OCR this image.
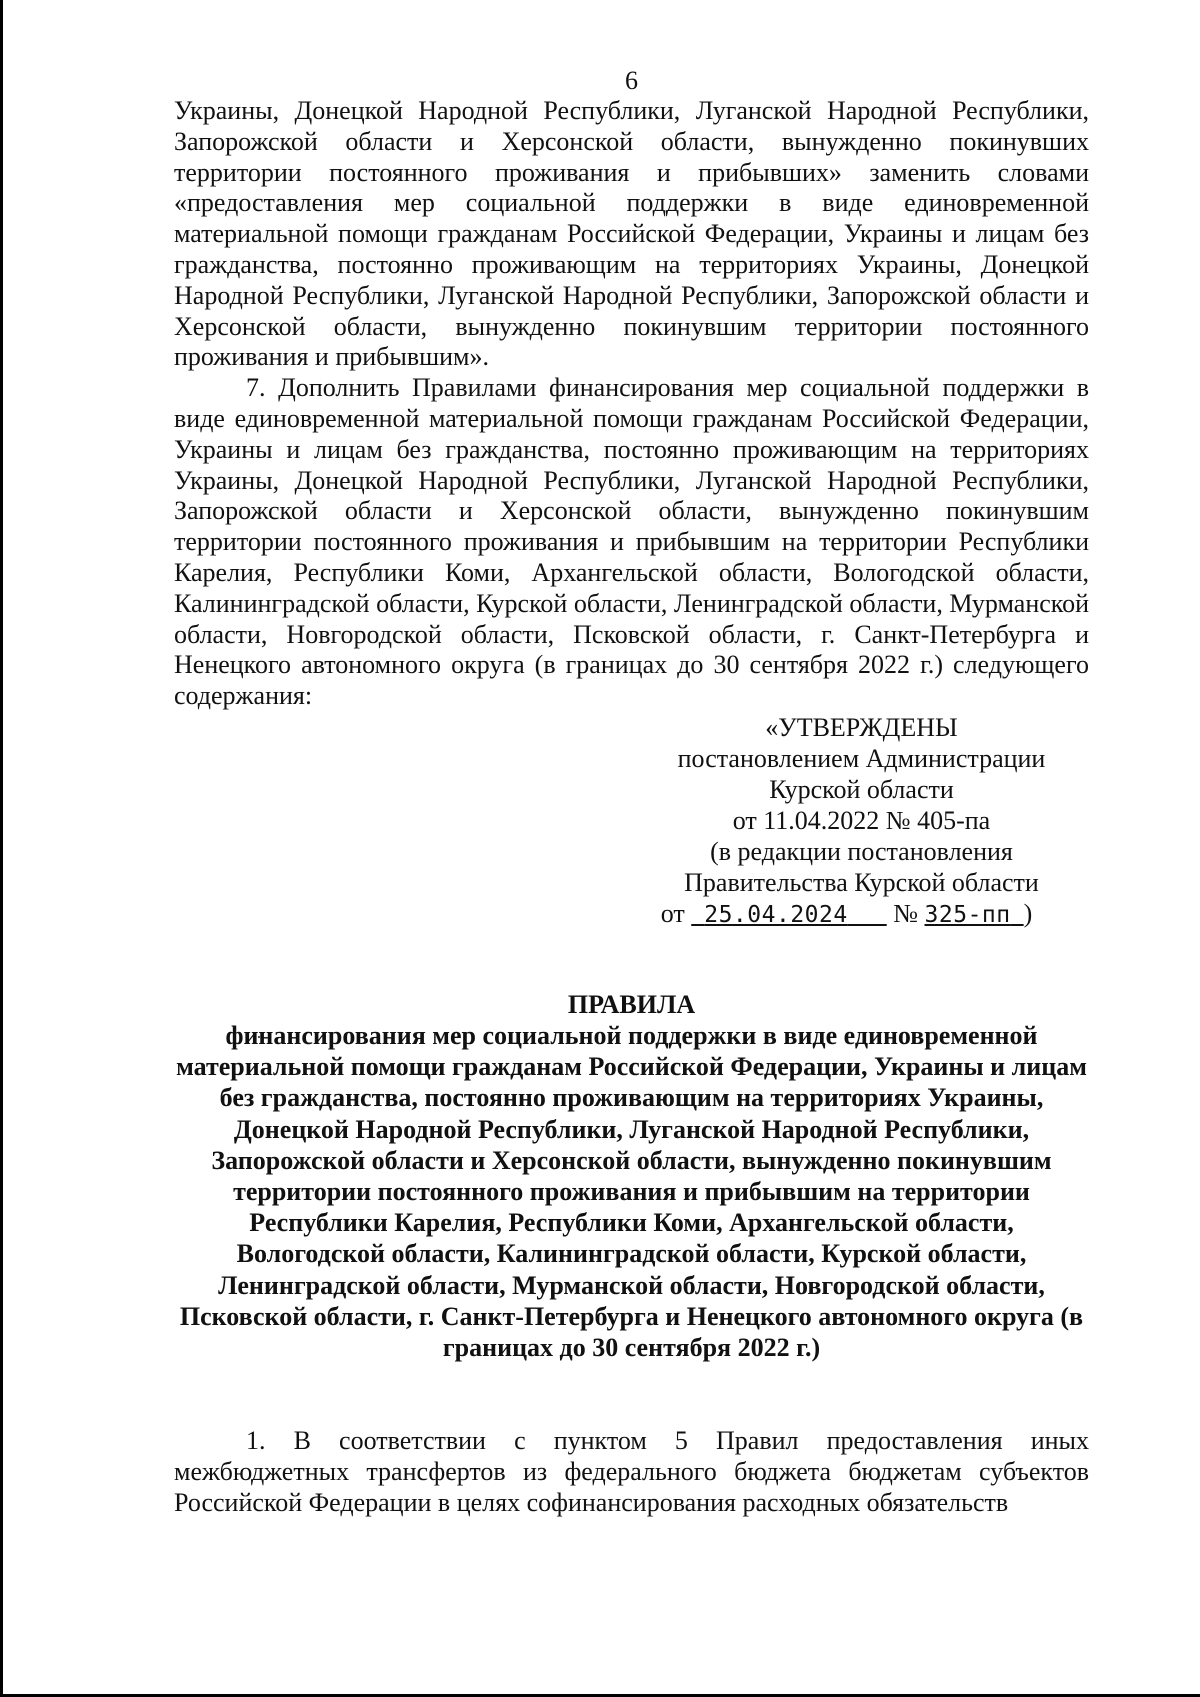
6

Украины, Донецкой Народной Республики, Луганской Народной Республики, Запорожской области и Херсонской области, вынужденно покинувших территории постоянного проживания и прибывших» заменить словами «предоставления мер социальной поддержки в виде единовременной материальной помощи гражданам Российской Федерации, Украины и лицам без гражданства, постоянно проживающим на территориях Украины, Донецкой Народной Республики, Луганской Народной Республики, Запорожской области и Херсонской области, вынужденно покинувшим территории постоянного проживания и прибывшим».

7. Дополнить Правилами финансирования мер социальной поддержки в виде единовременной материальной помощи гражданам Российской Федерации, Украины и лицам без гражданства, постоянно проживающим на территориях Украины, Донецкой Народной Республики, Луганской Народной Республики, Запорожской области и Херсонской области, вынужденно покинувшим территории постоянного проживания и прибывшим на территории Республики Карелия, Республики Коми, Архангельской области, Вологодской области, Калининградской области, Курской области, Ленинградской области, Мурманской области, Новгородской области, Псковской области, г. Санкт-Петербурга и Ненецкого автономного округа (в границах до 30 сентября 2022 г.) следующего содержания:

«УТВЕРЖДЕНЫ
постановлением Администрации
Курской области
от 11.04.2022 № 405-па
(в редакции постановления
Правительства Курской области
от 25.04.2024 № 325-пп )
ПРАВИЛА
финансирования мер социальной поддержки в виде единовременной материальной помощи гражданам Российской Федерации, Украины и лицам без гражданства, постоянно проживающим на территориях Украины, Донецкой Народной Республики, Луганской Народной Республики, Запорожской области и Херсонской области, вынужденно покинувшим территории постоянного проживания и прибывшим на территории Республики Карелия, Республики Коми, Архангельской области, Вологодской области, Калининградской области, Курской области, Ленинградской области, Мурманской области, Новгородской области, Псковской области, г. Санкт-Петербурга и Ненецкого автономного округа (в границах до 30 сентября 2022 г.)

1. В соответствии с пунктом 5 Правил предоставления иных межбюджетных трансфертов из федерального бюджета бюджетам субъектов Российской Федерации в целях софинансирования расходных обязательств
